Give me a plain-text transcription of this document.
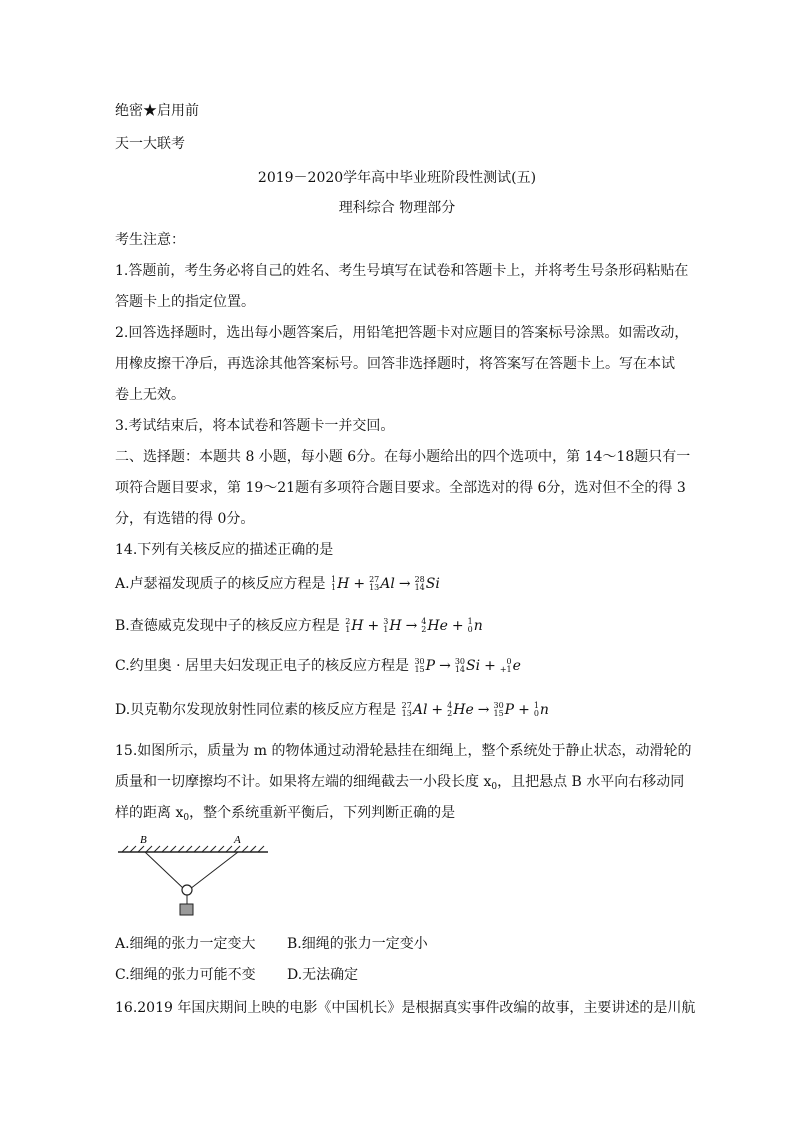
绝密★启用前
天一大联考
2019－2020学年高中毕业班阶段性测试(五)
理科综合 物理部分
考生注意：
1.答题前，考生务必将自己的姓名、考生号填写在试卷和答题卡上，并将考生号条形码粘贴在
答题卡上的指定位置。
2.回答选择题时，选出每小题答案后，用铅笔把答题卡对应题目的答案标号涂黑。如需改动，
用橡皮擦干净后，再选涂其他答案标号。回答非选择题时，将答案写在答题卡上。写在本试
卷上无效。
3.考试结束后，将本试卷和答题卡一并交回。
二、选择题：本题共 8 小题，每小题 6分。在每小题给出的四个选项中，第 14～18题只有一
项符合题目要求，第 19～21题有多项符合题目要求。全部选对的得 6分，选对但不全的得 3
分，有选错的得 0分。
14.下列有关核反应的描述正确的是
A.卢瑟福发现质子的核反应方程是 1
1 H + 27
13 Al → 28
14 Si
B.查德威克发现中子的核反应方程是 2
1 H + 3
1 H → 4
2 He + 1
0 n
C.约里奥 · 居里夫妇发现正电子的核反应方程是 30
15 P → 30
14 Si +	0
+1 e
D.贝克勒尔发现放射性同位素的核反应方程是 27
13 Al + 4
2 He → 30
15 P + 1
0 n
15.如图所示，质量为 m 的物体通过动滑轮悬挂在细绳上，整个系统处于静止状态，动滑轮的
质量和一切摩擦均不计。如果将左端的细绳截去一小段长度 $x_0$，且把悬点 B 水平向右移动同
样的距离 $x_0$，整个系统重新平衡后，下列判断正确的是
B	A
A.细绳的张力一定变大 B.细绳的张力一定变小
C.细绳的张力可能不变 D.无法确定
16.2019 年国庆期间上映的电影《中国机长》是根据真实事件改编的故事，主要讲述的是川航
